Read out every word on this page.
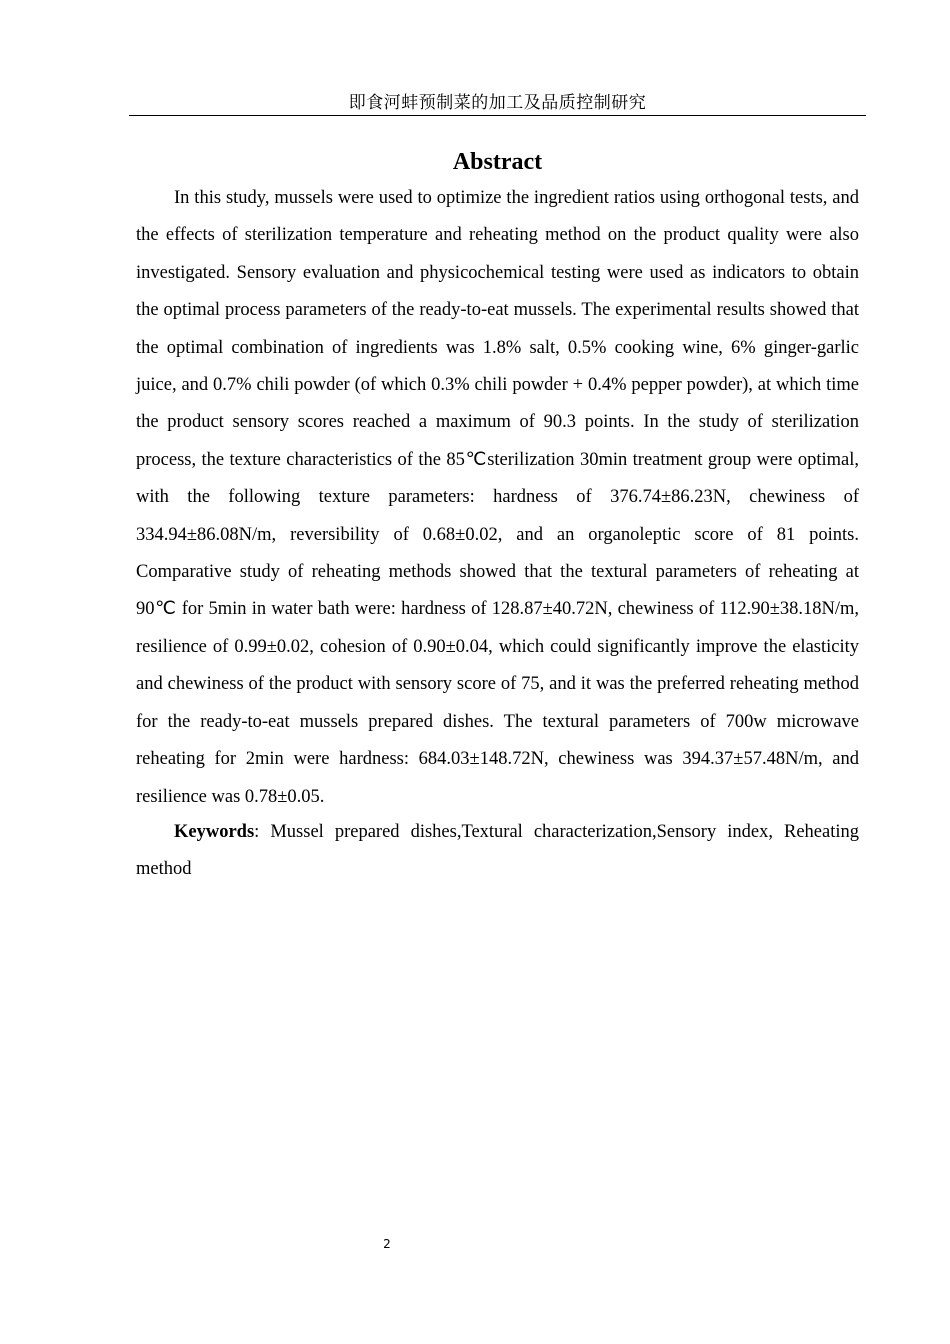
即食河蚌预制菜的加工及品质控制研究
Abstract

In this study, mussels were used to optimize the ingredient ratios using orthogonal tests, and the effects of sterilization temperature and reheating method on the product quality were also investigated. Sensory evaluation and physicochemical testing were used as indicators to obtain the optimal process parameters of the ready-to-eat mussels. The experimental results showed that the optimal combination of ingredients was 1.8% salt, 0.5% cooking wine, 6% ginger-garlic juice, and 0.7% chili powder (of which 0.3% chili powder + 0.4% pepper powder), at which time the product sensory scores reached a maximum of 90.3 points. In the study of sterilization process, the texture characteristics of the 85℃sterilization 30min treatment group were optimal, with the following texture parameters: hardness of 376.74±86.23N, chewiness of 334.94±86.08N/m, reversibility of 0.68±0.02, and an organoleptic score of 81 points. Comparative study of reheating methods showed that the textural parameters of reheating at 90℃ for 5min in water bath were: hardness of 128.87±40.72N, chewiness of 112.90±38.18N/m, resilience of 0.99±0.02, cohesion of 0.90±0.04, which could significantly improve the elasticity and chewiness of the product with sensory score of 75, and it was the preferred reheating method for the ready-to-eat mussels prepared dishes. The textural parameters of 700w microwave reheating for 2min were hardness: 684.03±148.72N, chewiness was 394.37±57.48N/m, and resilience was 0.78±0.05.

Keywords: Mussel prepared dishes,Textural characterization,Sensory index, Reheating method

2
